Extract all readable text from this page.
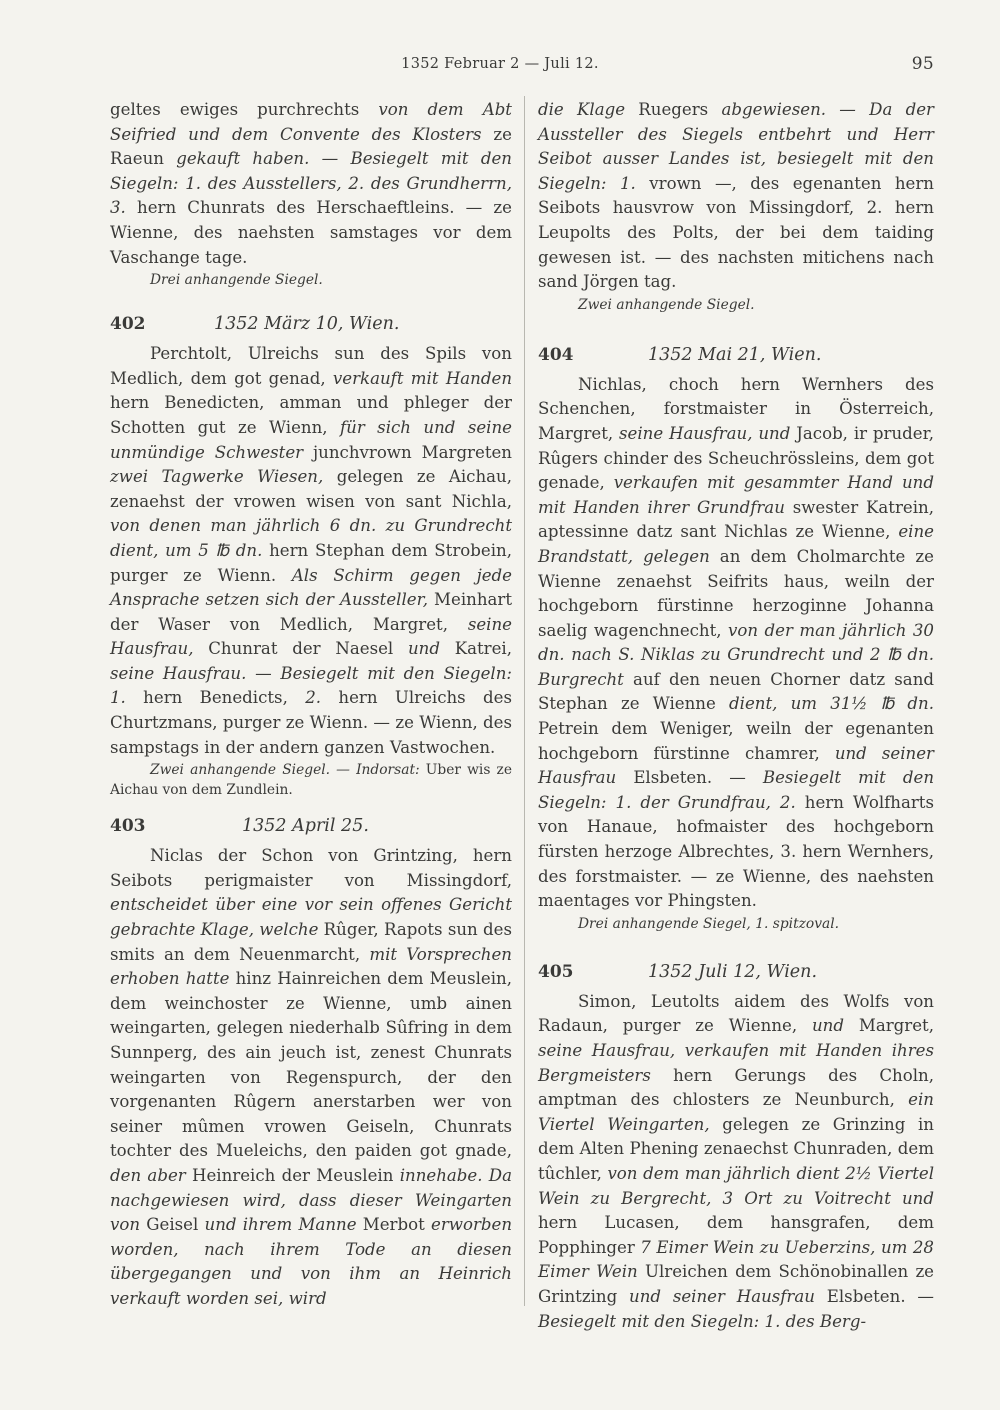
1352 Februar 2 — Juli 12.	95

geltes ewiges purchrechts von dem Abt Seifried und dem Convente des Klosters ze Raeun gekauft haben. — Besiegelt mit den Siegeln: 1. des Ausstellers, 2. des Grundherrn, 3. hern Chunrats des Herschaeftleins. — ze Wienne, des naehsten samstages vor dem Vaschange tage.

Drei anhangende Siegel.

402	1352 März 10, Wien.

Perchtolt, Ulreichs sun des Spils von Medlich, dem got genad, verkauft mit Handen hern Benedicten, amman und phleger der Schotten gut ze Wienn, für sich und seine unmündige Schwester junchvrown Margreten zwei Tagwerke Wiesen, gelegen ze Aichau, zenaehst der vrowen wisen von sant Nichla, von denen man jährlich 6 dn. zu Grundrecht dient, um 5 ℔ dn. hern Stephan dem Strobein, purger ze Wienn. Als Schirm gegen jede Ansprache setzen sich der Aussteller, Meinhart der Waser von Medlich, Margret, seine Hausfrau, Chunrat der Naesel und Katrei, seine Hausfrau. — Besiegelt mit den Siegeln: 1. hern Benedicts, 2. hern Ulreichs des Churtzmans, purger ze Wienn. — ze Wienn, des sampstags in der andern ganzen Vastwochen.

Zwei anhangende Siegel. — Indorsat: Uber wis ze Aichau von dem Zundlein.

403	1352 April 25.

Niclas der Schon von Grintzing, hern Seibots perigmaister von Missingdorf, entscheidet über eine vor sein offenes Gericht gebrachte Klage, welche Rûger, Rapots sun des smits an dem Neuenmarcht, mit Vorsprechen erhoben hatte hinz Hainreichen dem Meuslein, dem weinchoster ze Wienne, umb ainen weingarten, gelegen niederhalb Sûfring in dem Sunnperg, des ain jeuch ist, zenest Chunrats weingarten von Regenspurch, der den vorgenanten Rûgern anerstarben wer von seiner mûmen vrowen Geiseln, Chunrats tochter des Mueleichs, den paiden got gnade, den aber Heinreich der Meuslein innehabe. Da nachgewiesen wird, dass dieser Weingarten von Geisel und ihrem Manne Merbot erworben worden, nach ihrem Tode an diesen übergegangen und von ihm an Heinrich verkauft worden sei, wird

die Klage Ruegers abgewiesen. — Da der Aussteller des Siegels entbehrt und Herr Seibot ausser Landes ist, besiegelt mit den Siegeln: 1. vrown —, des egenanten hern Seibots hausvrow von Missingdorf, 2. hern Leupolts des Polts, der bei dem taiding gewesen ist. — des nachsten mitichens nach sand Jörgen tag.

Zwei anhangende Siegel.

404	1352 Mai 21, Wien.

Nichlas, choch hern Wernhers des Schenchen, forstmaister in Österreich, Margret, seine Hausfrau, und Jacob, ir pruder, Rûgers chinder des Scheuchrössleins, dem got genade, verkaufen mit gesammter Hand und mit Handen ihrer Grundfrau swester Katrein, aptessinne datz sant Nichlas ze Wienne, eine Brandstatt, gelegen an dem Cholmarchte ze Wienne zenaehst Seifrits haus, weiln der hochgeborn fürstinne herzoginne Johanna saelig wagenchnecht, von der man jährlich 30 dn. nach S. Niklas zu Grundrecht und 2 ℔ dn. Burgrecht auf den neuen Chorner datz sand Stephan ze Wienne dient, um 31½ ℔ dn. Petrein dem Weniger, weiln der egenanten hochgeborn fürstinne chamrer, und seiner Hausfrau Elsbeten. — Besiegelt mit den Siegeln: 1. der Grundfrau, 2. hern Wolfharts von Hanaue, hofmaister des hochgeborn fürsten herzoge Albrechtes, 3. hern Wernhers, des forstmaister. — ze Wienne, des naehsten maentages vor Phingsten.

Drei anhangende Siegel, 1. spitzoval.

405	1352 Juli 12, Wien.

Simon, Leutolts aidem des Wolfs von Radaun, purger ze Wienne, und Margret, seine Hausfrau, verkaufen mit Handen ihres Bergmeisters hern Gerungs des Choln, amptman des chlosters ze Neunburch, ein Viertel Weingarten, gelegen ze Grinzing in dem Alten Phening zenaechst Chunraden, dem tûchler, von dem man jährlich dient 2½ Viertel Wein zu Bergrecht, 3 Ort zu Voitrecht und hern Lucasen, dem hansgrafen, dem Popphinger 7 Eimer Wein zu Ueberzins, um 28 Eimer Wein Ulreichen dem Schönobinallen ze Grintzing und seiner Hausfrau Elsbeten. — Besiegelt mit den Siegeln: 1. des Berg-
